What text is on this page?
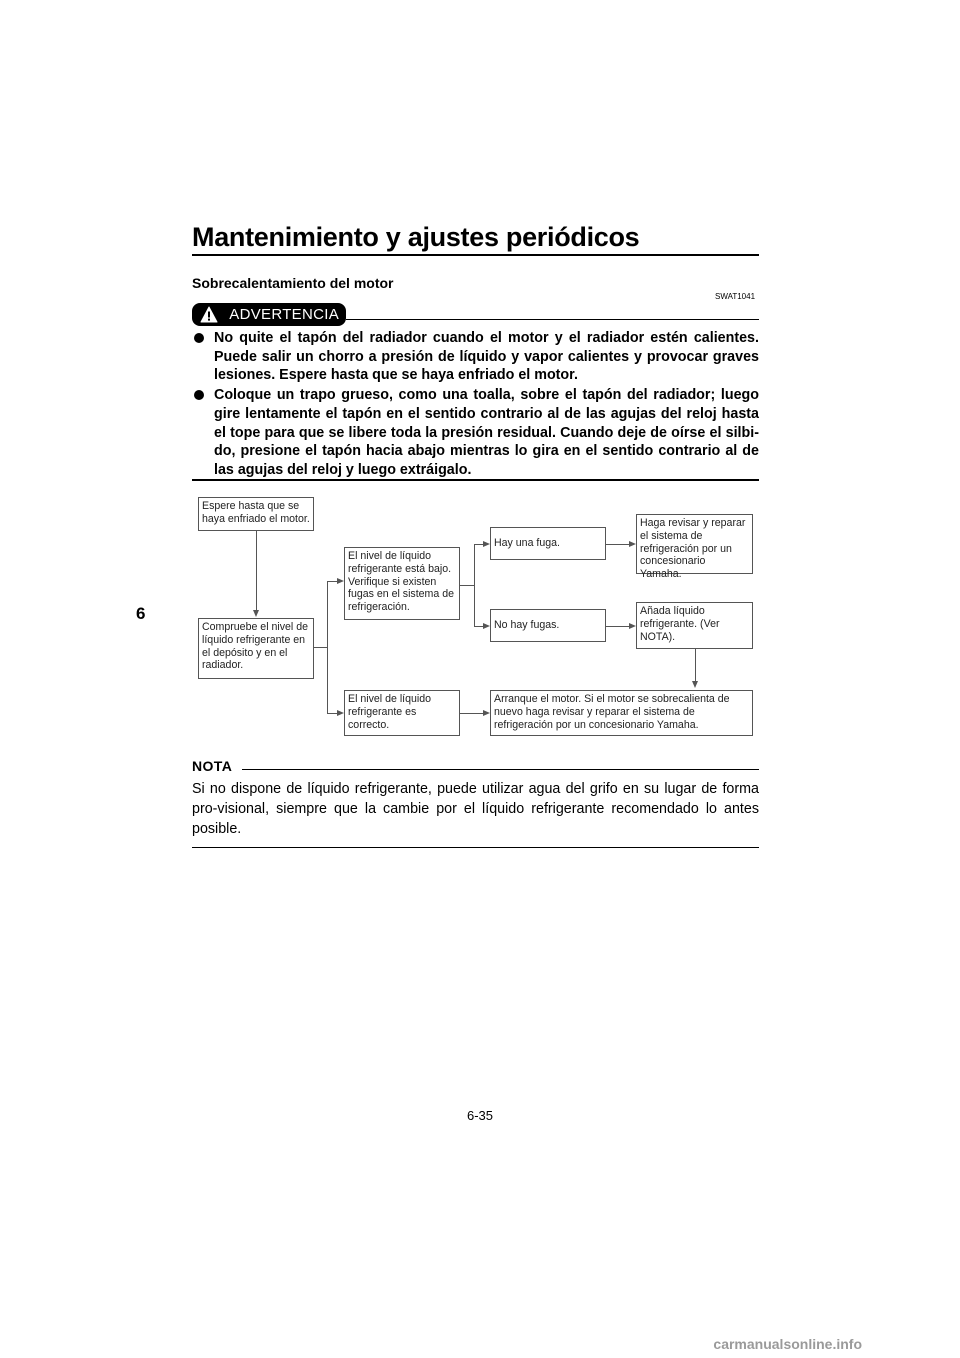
Mantenimiento y ajustes periódicos
6
Sobrecalentamiento del motor
SWAT1041
ADVERTENCIA
No quite el tapón del radiador cuando el motor y el radiador estén calientes. Puede salir un chorro a presión de líquido y vapor calientes y provocar graves lesiones. Espere hasta que se haya enfriado el motor.
Coloque un trapo grueso, como una toalla, sobre el tapón del radiador; luego gire lentamente el tapón en el sentido contrario al de las agujas del reloj hasta el tope para que se libere toda la presión residual. Cuando deje de oírse el silbi-do, presione el tapón hacia abajo mientras lo gira en el sentido contrario al de las agujas del reloj y luego extráigalo.
Espere hasta que se haya enfriado el motor.
Compruebe el nivel de líquido refrigerante en el depósito y en el radiador.
El nivel de líquido refrigerante está bajo. Verifique si existen fugas en el sistema de refrigeración.
El nivel de líquido refrigerante es correcto.
Hay una fuga.
No hay fugas.
Haga revisar y reparar el sistema de refrigeración por un concesionario Yamaha.
Añada líquido refrigerante. (Ver NOTA).
Arranque el motor. Si el motor se sobrecalienta de nuevo haga revisar y reparar el sistema de refrigeración por un concesionario Yamaha.
NOTA
Si no dispone de líquido refrigerante, puede utilizar agua del grifo en su lugar de forma pro-visional, siempre que la cambie por el líquido refrigerante recomendado lo antes posible.
6-35
carmanualsonline.info
